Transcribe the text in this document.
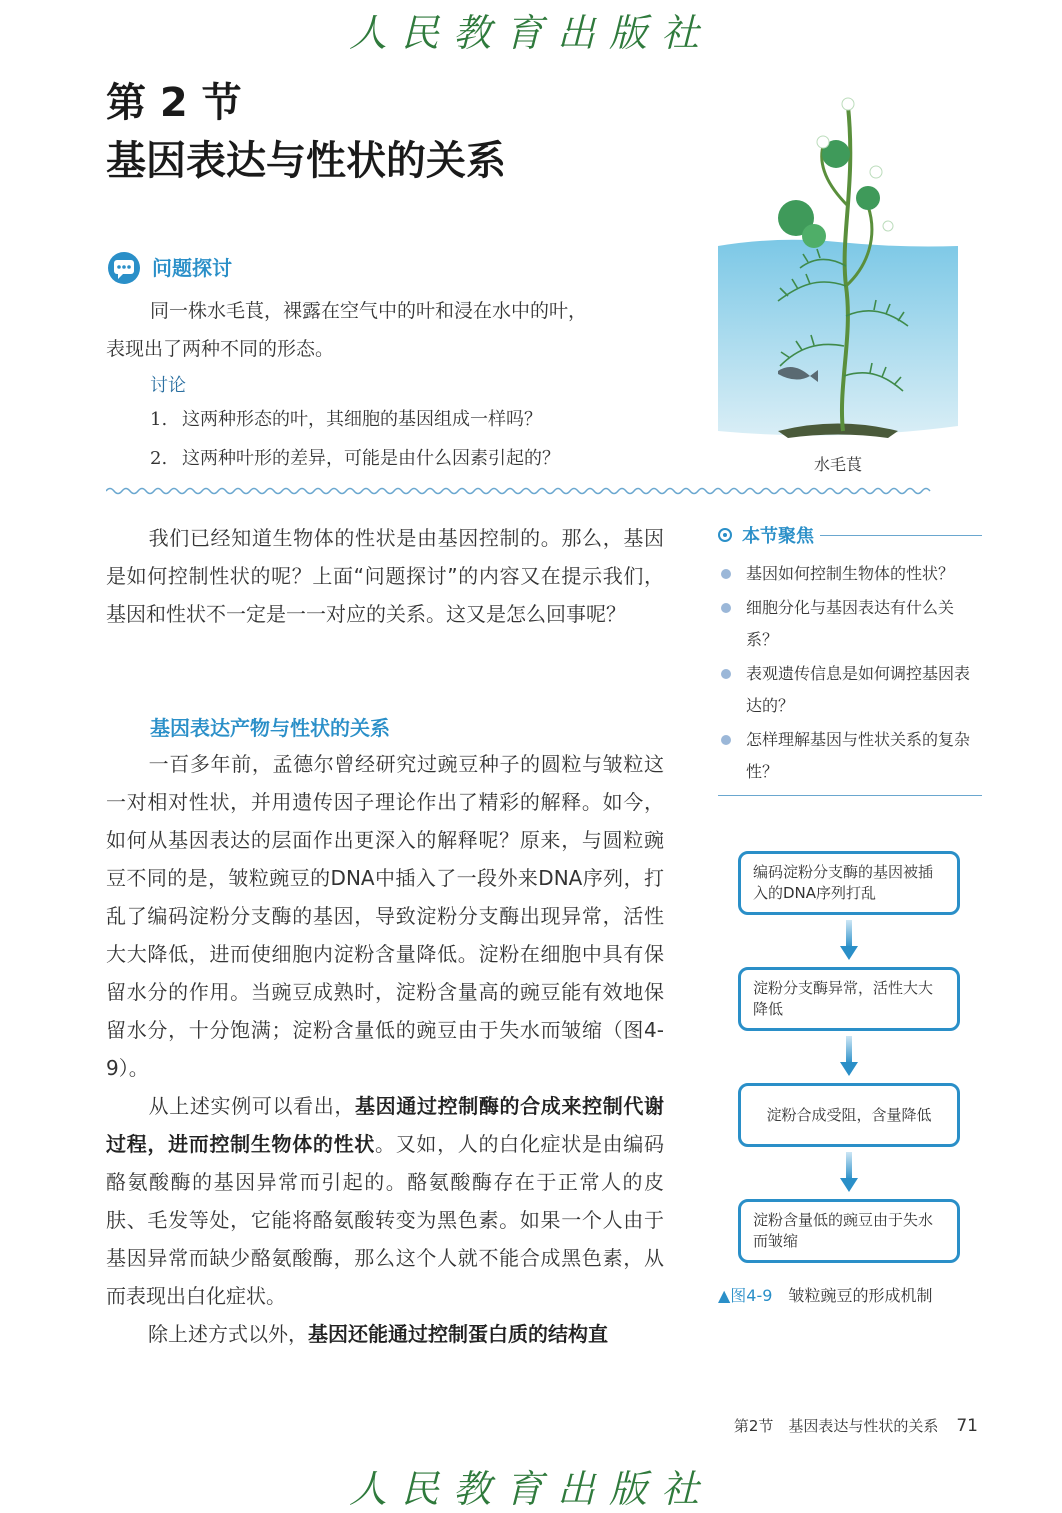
人民教育出版社
人民教育出版社
第 2 节
基因表达与性状的关系
问题探讨
同一株水毛茛，裸露在空气中的叶和浸在水中的叶，
表现出了两种不同的形态。
讨论
1. 这两种形态的叶，其细胞的基因组成一样吗？
2. 这两种叶形的差异，可能是由什么因素引起的？	水毛茛
我们已经知道生物体的性状是由基因控制的。那么，基因是如何控制性状的呢？上面“问题探讨”的内容又在提示我们，基因和性状不一定是一一对应的关系。这又是怎么回事呢？
基因表达产物与性状的关系
一百多年前，孟德尔曾经研究过豌豆种子的圆粒与皱粒这一对相对性状，并用遗传因子理论作出了精彩的解释。如今，如何从基因表达的层面作出更深入的解释呢？原来，与圆粒豌豆不同的是，皱粒豌豆的DNA中插入了一段外来DNA序列，打乱了编码淀粉分支酶的基因，导致淀粉分支酶出现异常，活性大大降低，进而使细胞内淀粉含量降低。淀粉在细胞中具有保留水分的作用。当豌豆成熟时，淀粉含量高的豌豆能有效地保留水分，十分饱满；淀粉含量低的豌豆由于失水而皱缩（图4-9）。
从上述实例可以看出，基因通过控制酶的合成来控制代谢过程，进而控制生物体的性状。又如，人的白化症状是由编码酪氨酸酶的基因异常而引起的。酪氨酸酶存在于正常人的皮肤、毛发等处，它能将酪氨酸转变为黑色素。如果一个人由于基因异常而缺少酪氨酸酶，那么这个人就不能合成黑色素，从而表现出白化症状。
除上述方式以外，基因还能通过控制蛋白质的结构直
本节聚焦
基因如何控制生物体的性状？
细胞分化与基因表达有什么关系？
表观遗传信息是如何调控基因表达的？
怎样理解基因与性状关系的复杂性？
编码淀粉分支酶的基因被插入的DNA序列打乱
淀粉分支酶异常，活性大大降低
淀粉合成受阻，含量降低
淀粉含量低的豌豆由于失水而皱缩
▲图4-9 皱粒豌豆的形成机制
第2节　基因表达与性状的关系 71
